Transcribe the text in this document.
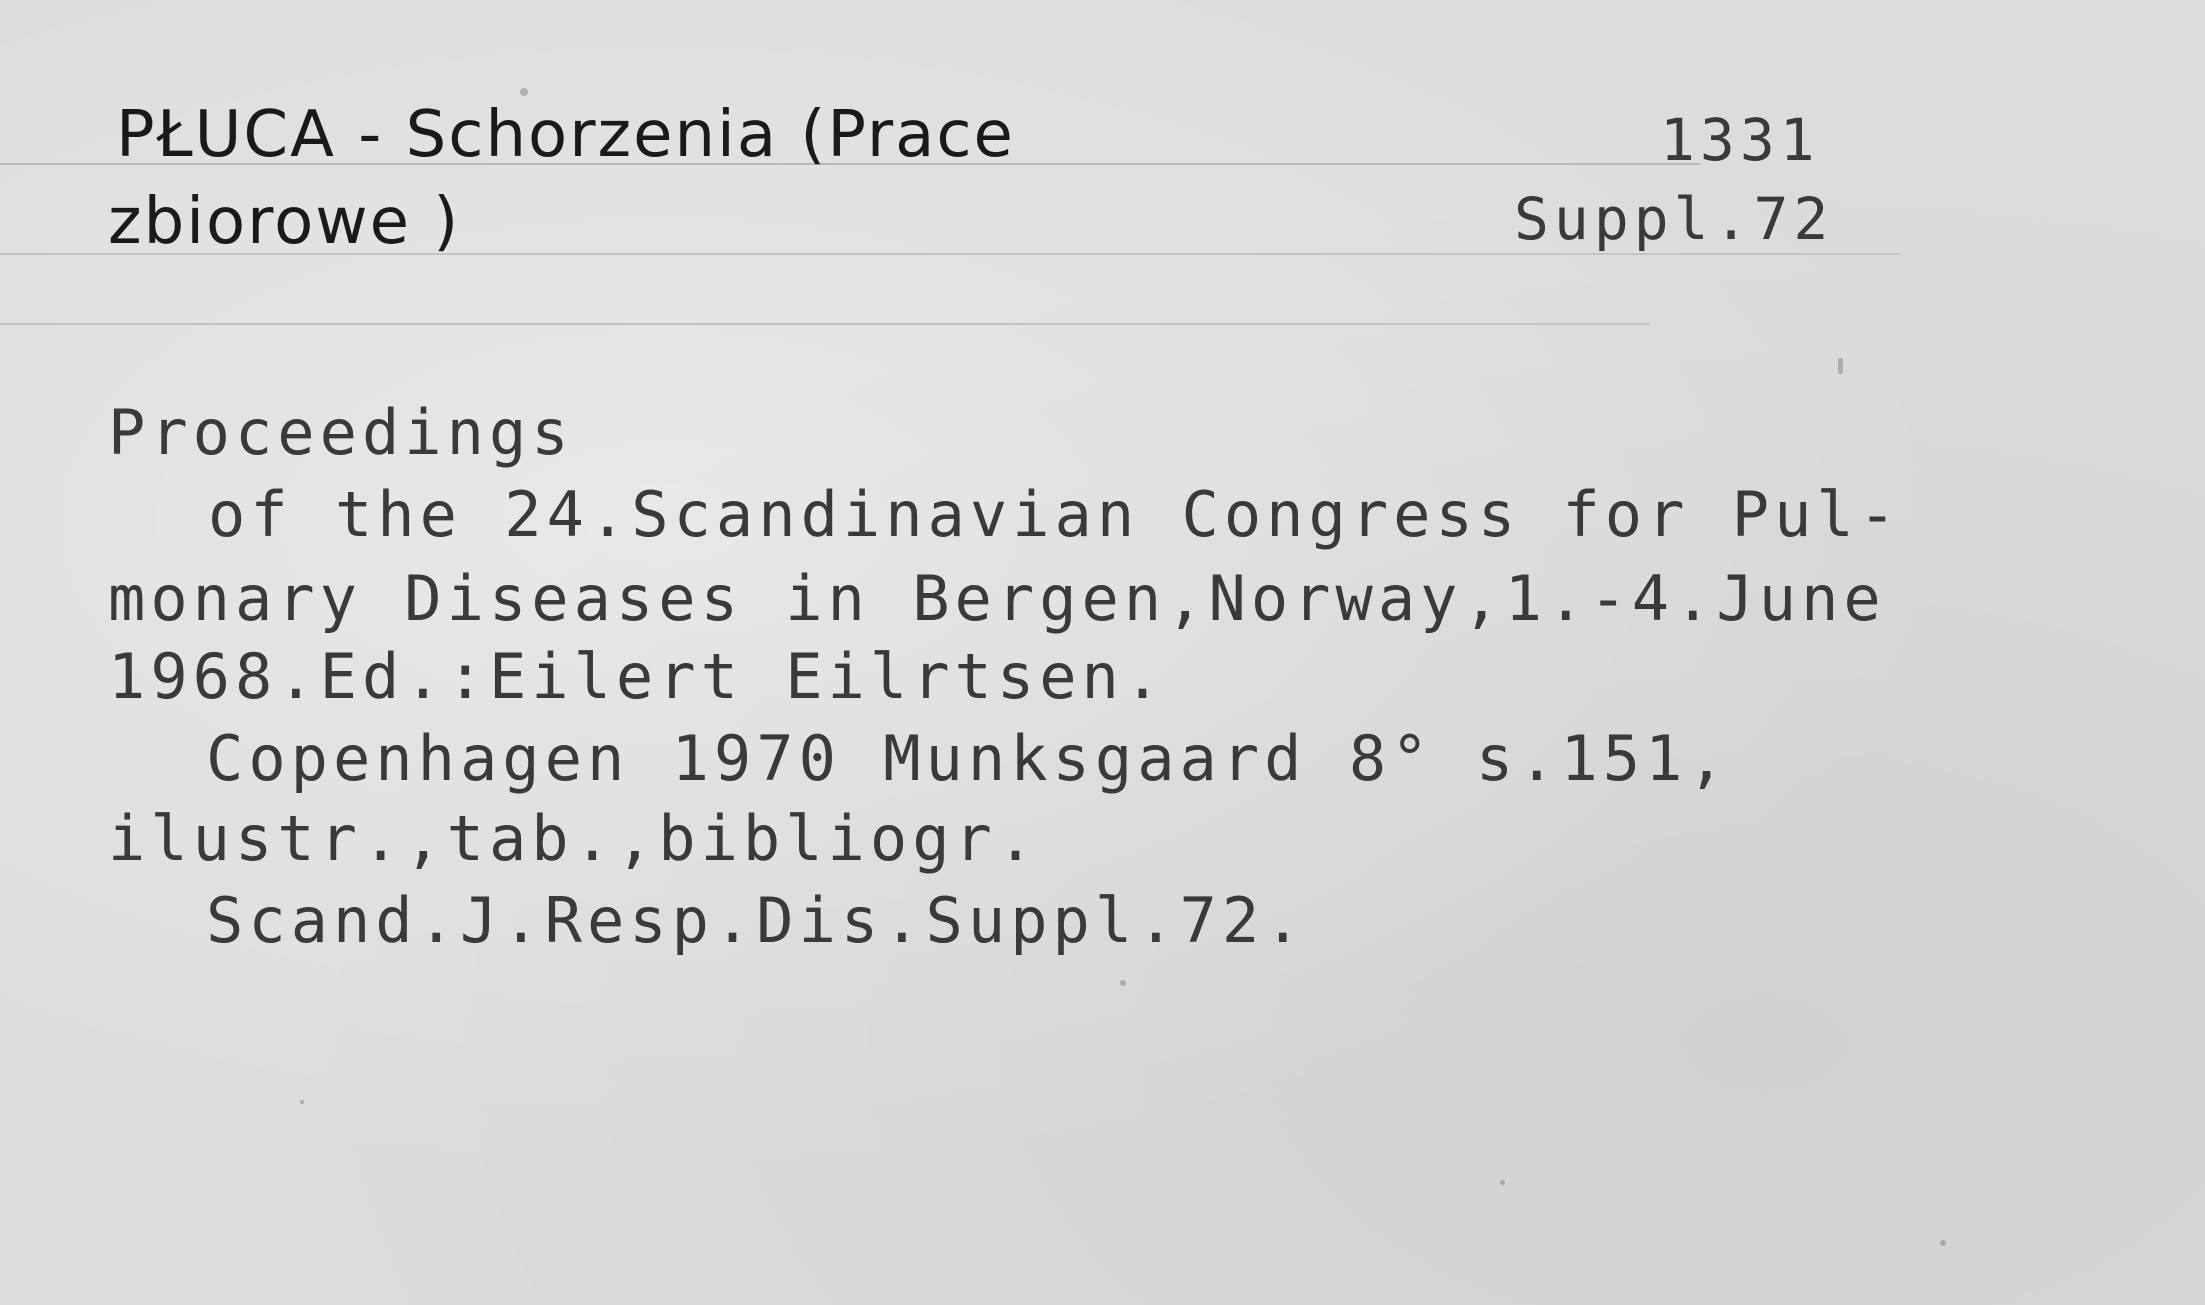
PŁUCA - Schorzenia (Prace
zbiorowe )
1331
Suppl.72
Proceedings
of the 24.Scandinavian Congress for Pul-
monary Diseases in Bergen,Norway,1.-4.June
1968.Ed.:Eilert Eilrtsen.
Copenhagen 1970 Munksgaard 8° s.151,
ilustr.,tab.,bibliogr.
Scand.J.Resp.Dis.Suppl.72.
